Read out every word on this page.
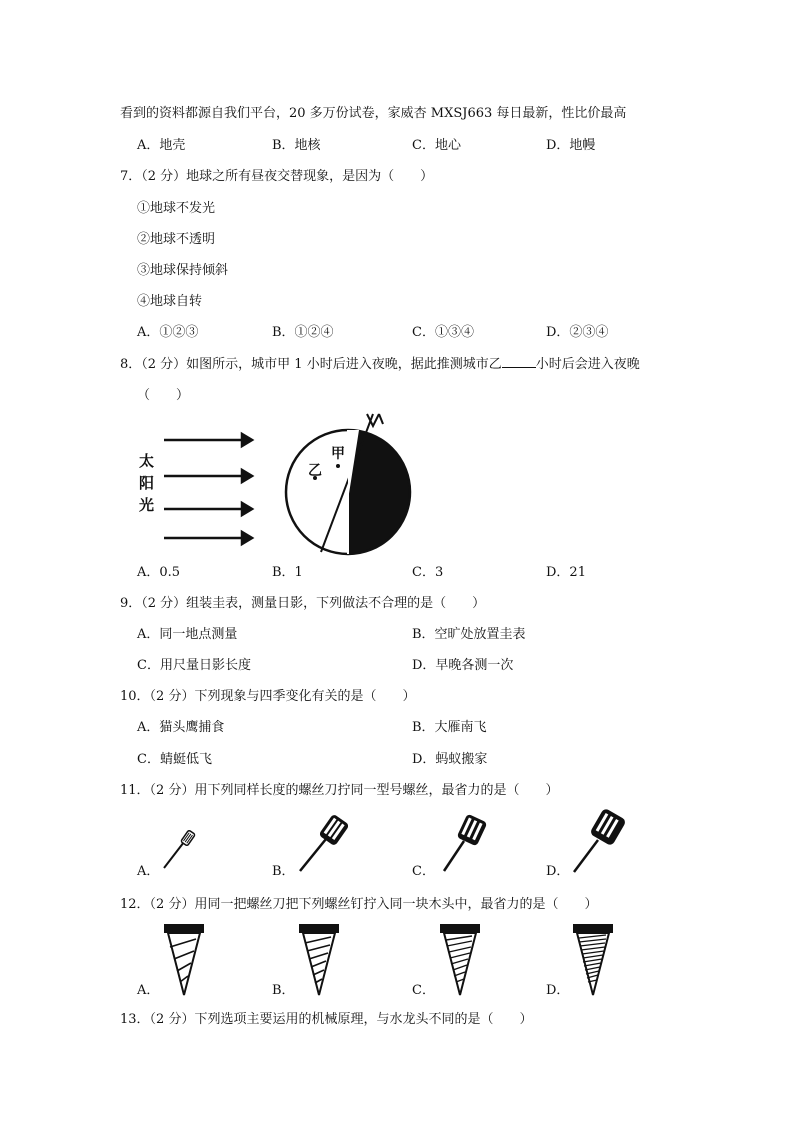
看到的资料都源自我们平台，20 多万份试卷，家威杏 MXSJ663 每日最新，性比价最高
A．地壳	B．地核	C．地心	D．地幔
7．（2 分）地球之所有昼夜交替现象，是因为（　　）
①地球不发光
②地球不透明
③地球保持倾斜
④地球自转
A．①②③	B．①②④	C．①③④	D．②③④
8．（2 分）如图所示，城市甲 1 小时后进入夜晚，据此推测城市乙	小时后会进入夜晚
（　　）
太
阳
光
甲
乙
A．0.5	B．1	C．3	D．21
9．（2 分）组装圭表，测量日影，下列做法不合理的是（　　）
A．同一地点测量	B．空旷处放置圭表
C．用尺量日影长度	D．早晚各测一次
10．（2 分）下列现象与四季变化有关的是（　　）
A．猫头鹰捕食	B．大雁南飞
C．蜻蜓低飞	D．蚂蚁搬家
11．（2 分）用下列同样长度的螺丝刀拧同一型号螺丝，最省力的是（　　）
A．	B．	C．	D．
12．（2 分）用同一把螺丝刀把下列螺丝钉拧入同一块木头中，最省力的是（　　）
A．	B．	C．	D．
13．（2 分）下列选项主要运用的机械原理，与水龙头不同的是（　　）
